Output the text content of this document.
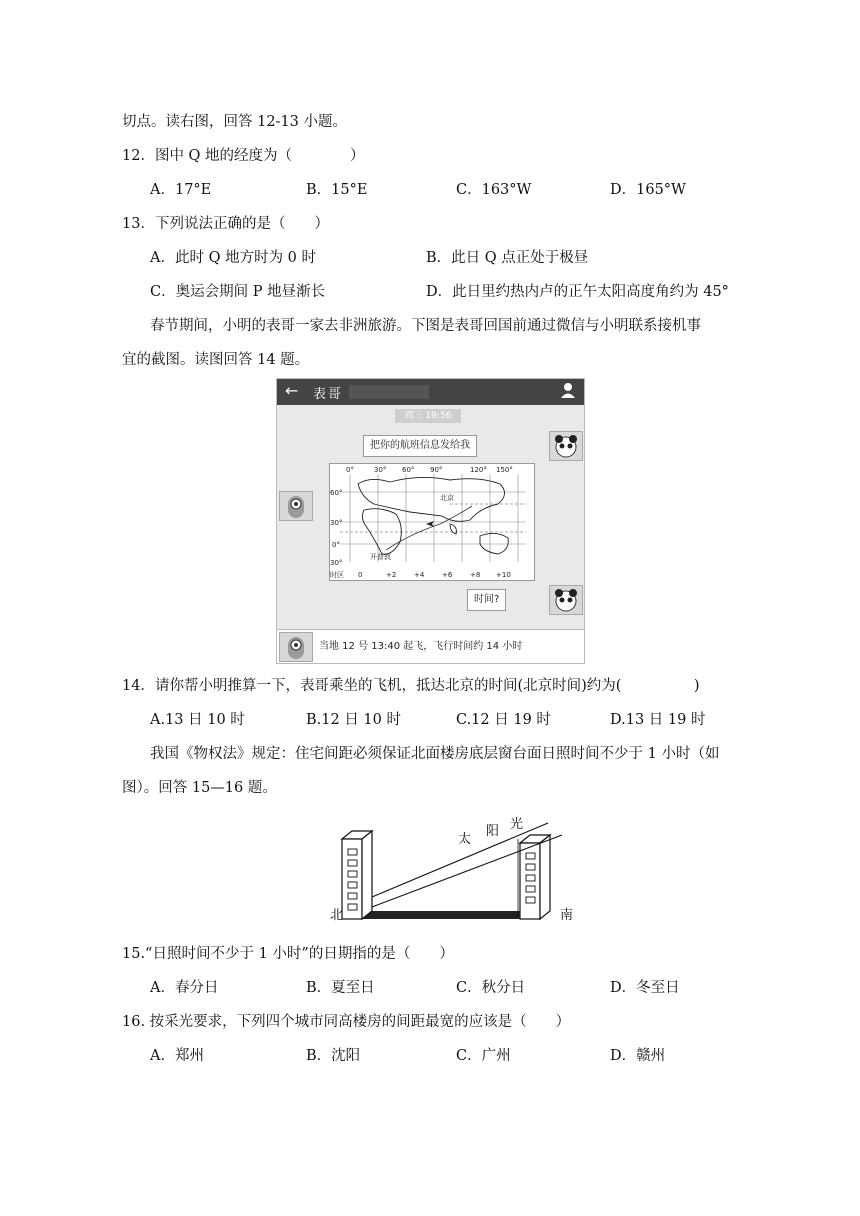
切点。读右图，回答 12-13 小题。
12．图中 Q 地的经度为（　　　　）
A．17°E	B．15°E	C．163°W	D．165°W
13．下列说法正确的是（　　）
A．此时 Q 地方时为 0 时	B．此日 Q 点正处于极昼
C．奥运会期间 P 地昼渐长	D．此日里约热内卢的正午太阳高度角约为 45°
春节期间，小明的表哥一家去非洲旅游。下图是表哥回国前通过微信与小明联系接机事
宜的截图。读图回答 14 题。
← 表哥
周三 19:56
把你的航班信息发给我
0°	30° 60° 90°	120° 150°
60°
30°
0°
30°
北京
开普敦
时区 0	+2	+4	+6	+8 +10
时间?
当地 12 号 13:40 起飞，飞行时间约 14 小时
14．请你帮小明推算一下，表哥乘坐的飞机，抵达北京的时间(北京时间)约为(　　　　　)
A.13 日 10 时	B.12 日 10 时	C.12 日 19 时	D.13 日 19 时
我国《物权法》规定：住宅间距必须保证北面楼房底层窗台面日照时间不少于 1 小时（如
图）。回答 15—16 题。
北	南
太
阳 光
15.“日照时间不少于 1 小时”的日期指的是（　　）
A．春分日	B．夏至日	C．秋分日	D．冬至日
16. 按采光要求，下列四个城市同高楼房的间距最宽的应该是（　　）
A．郑州	B．沈阳	C．广州	D．赣州
